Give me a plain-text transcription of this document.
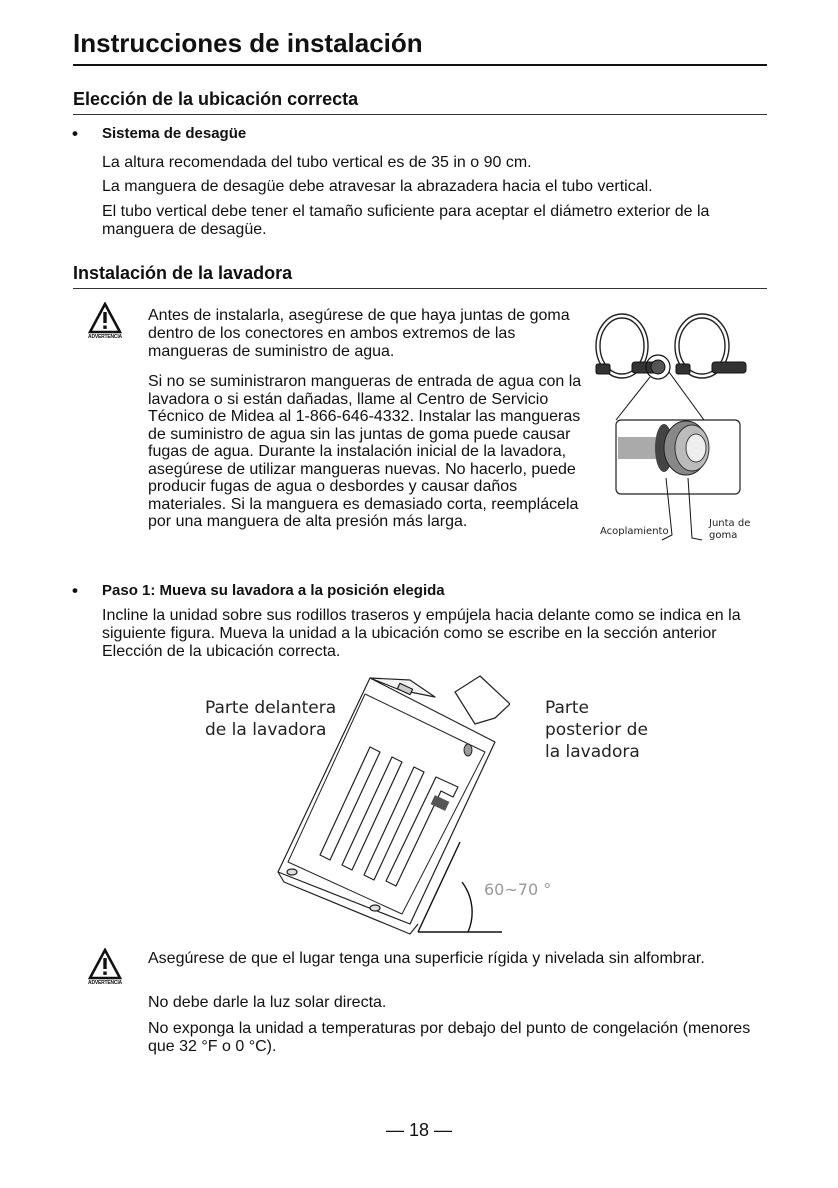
Instrucciones de instalación
Elección de la ubicación correcta
• Sistema de desagüe

La altura recomendada del tubo vertical es de 35 in o 90 cm.

La manguera de desagüe debe atravesar la abrazadera hacia el tubo vertical.

El tubo vertical debe tener el tamaño suficiente para aceptar el diámetro exterior de la manguera de desagüe.

Instalación de la lavadora
ADVERTENCIA

Antes de instalarla, asegúrese de que haya juntas de goma dentro de los conectores en ambos extremos de las mangueras de suministro de agua.

Si no se suministraron mangueras de entrada de agua con la lavadora o si están dañadas, llame al Centro de Servicio Técnico de Midea al 1-866-646-4332. Instalar las mangueras de suministro de agua sin las juntas de goma puede causar fugas de agua. Durante la instalación inicial de la lavadora, asegúrese de utilizar mangueras nuevas. No hacerlo, puede producir fugas de agua o desbordes y causar daños materiales. Si la manguera es demasiado corta, reemplácela por una manguera de alta presión más larga.

Acoplamiento
Junta de goma
• Paso 1: Mueva su lavadora a la posición elegida

Incline la unidad sobre sus rodillos traseros y empújela hacia delante como se indica en la siguiente figura. Mueva la unidad a la ubicación como se escribe en la sección anterior Elección de la ubicación correcta.

Parte delantera de la lavadora
Parte posterior de la lavadora
60~70 °
ADVERTENCIA

Asegúrese de que el lugar tenga una superficie rígida y nivelada sin alfombrar.

No debe darle la luz solar directa.

No exponga la unidad a temperaturas por debajo del punto de congelación (menores que 32 °F o 0 °C).

— 18 —
